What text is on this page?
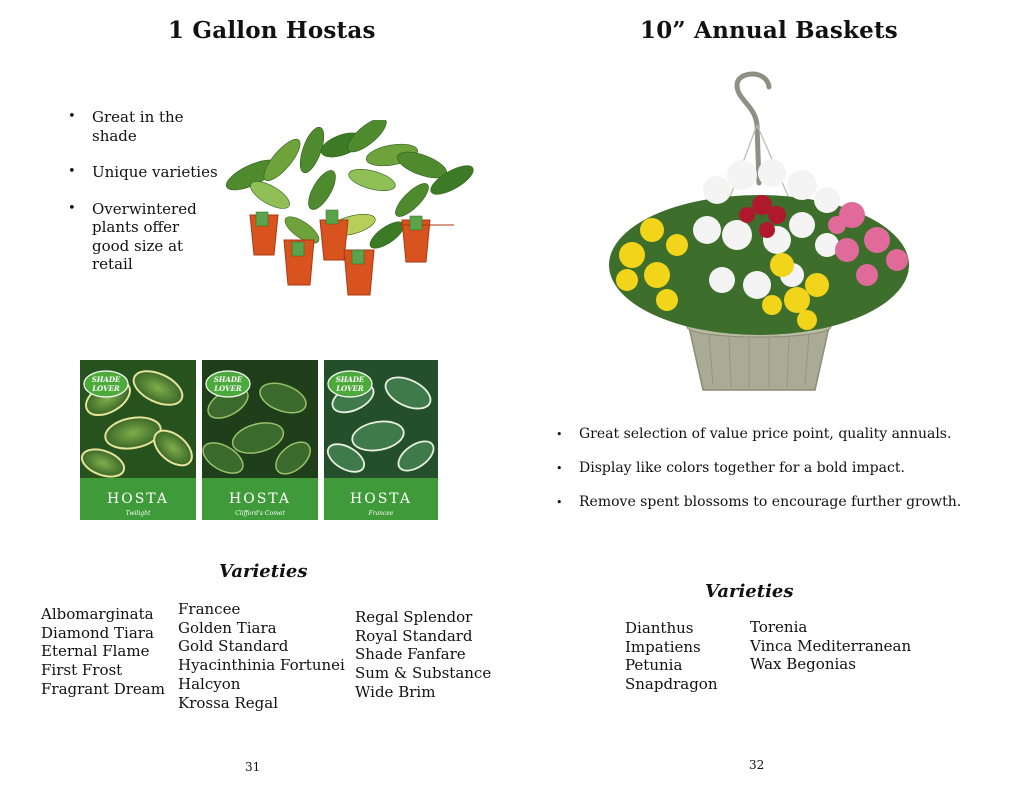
1 Gallon Hostas
• Great in the shade
• Unique varieties
• Overwintered plants offer good size at retail
SHADE
LOVER
HOSTA
Twilight
SHADE
LOVER
HOSTA
Clifford's Comet
SHADE
LOVER
HOSTA
Francee
Varieties
Albomarginata
Diamond Tiara
Eternal Flame
First Frost
Fragrant Dream
Francee
Golden Tiara
Gold Standard
Hyacinthinia Fortunei
Halcyon
Krossa Regal
Regal Splendor
Royal Standard
Shade Fanfare
Sum & Substance
Wide Brim
31
10” Annual Baskets
• Great selection of value price point, quality annuals.
• Display like colors together for a bold impact.
• Remove spent blossoms to encourage further growth.
Varieties
Dianthus
Impatiens
Petunia
Snapdragon
Torenia
Vinca Mediterranean
Wax Begonias
32
